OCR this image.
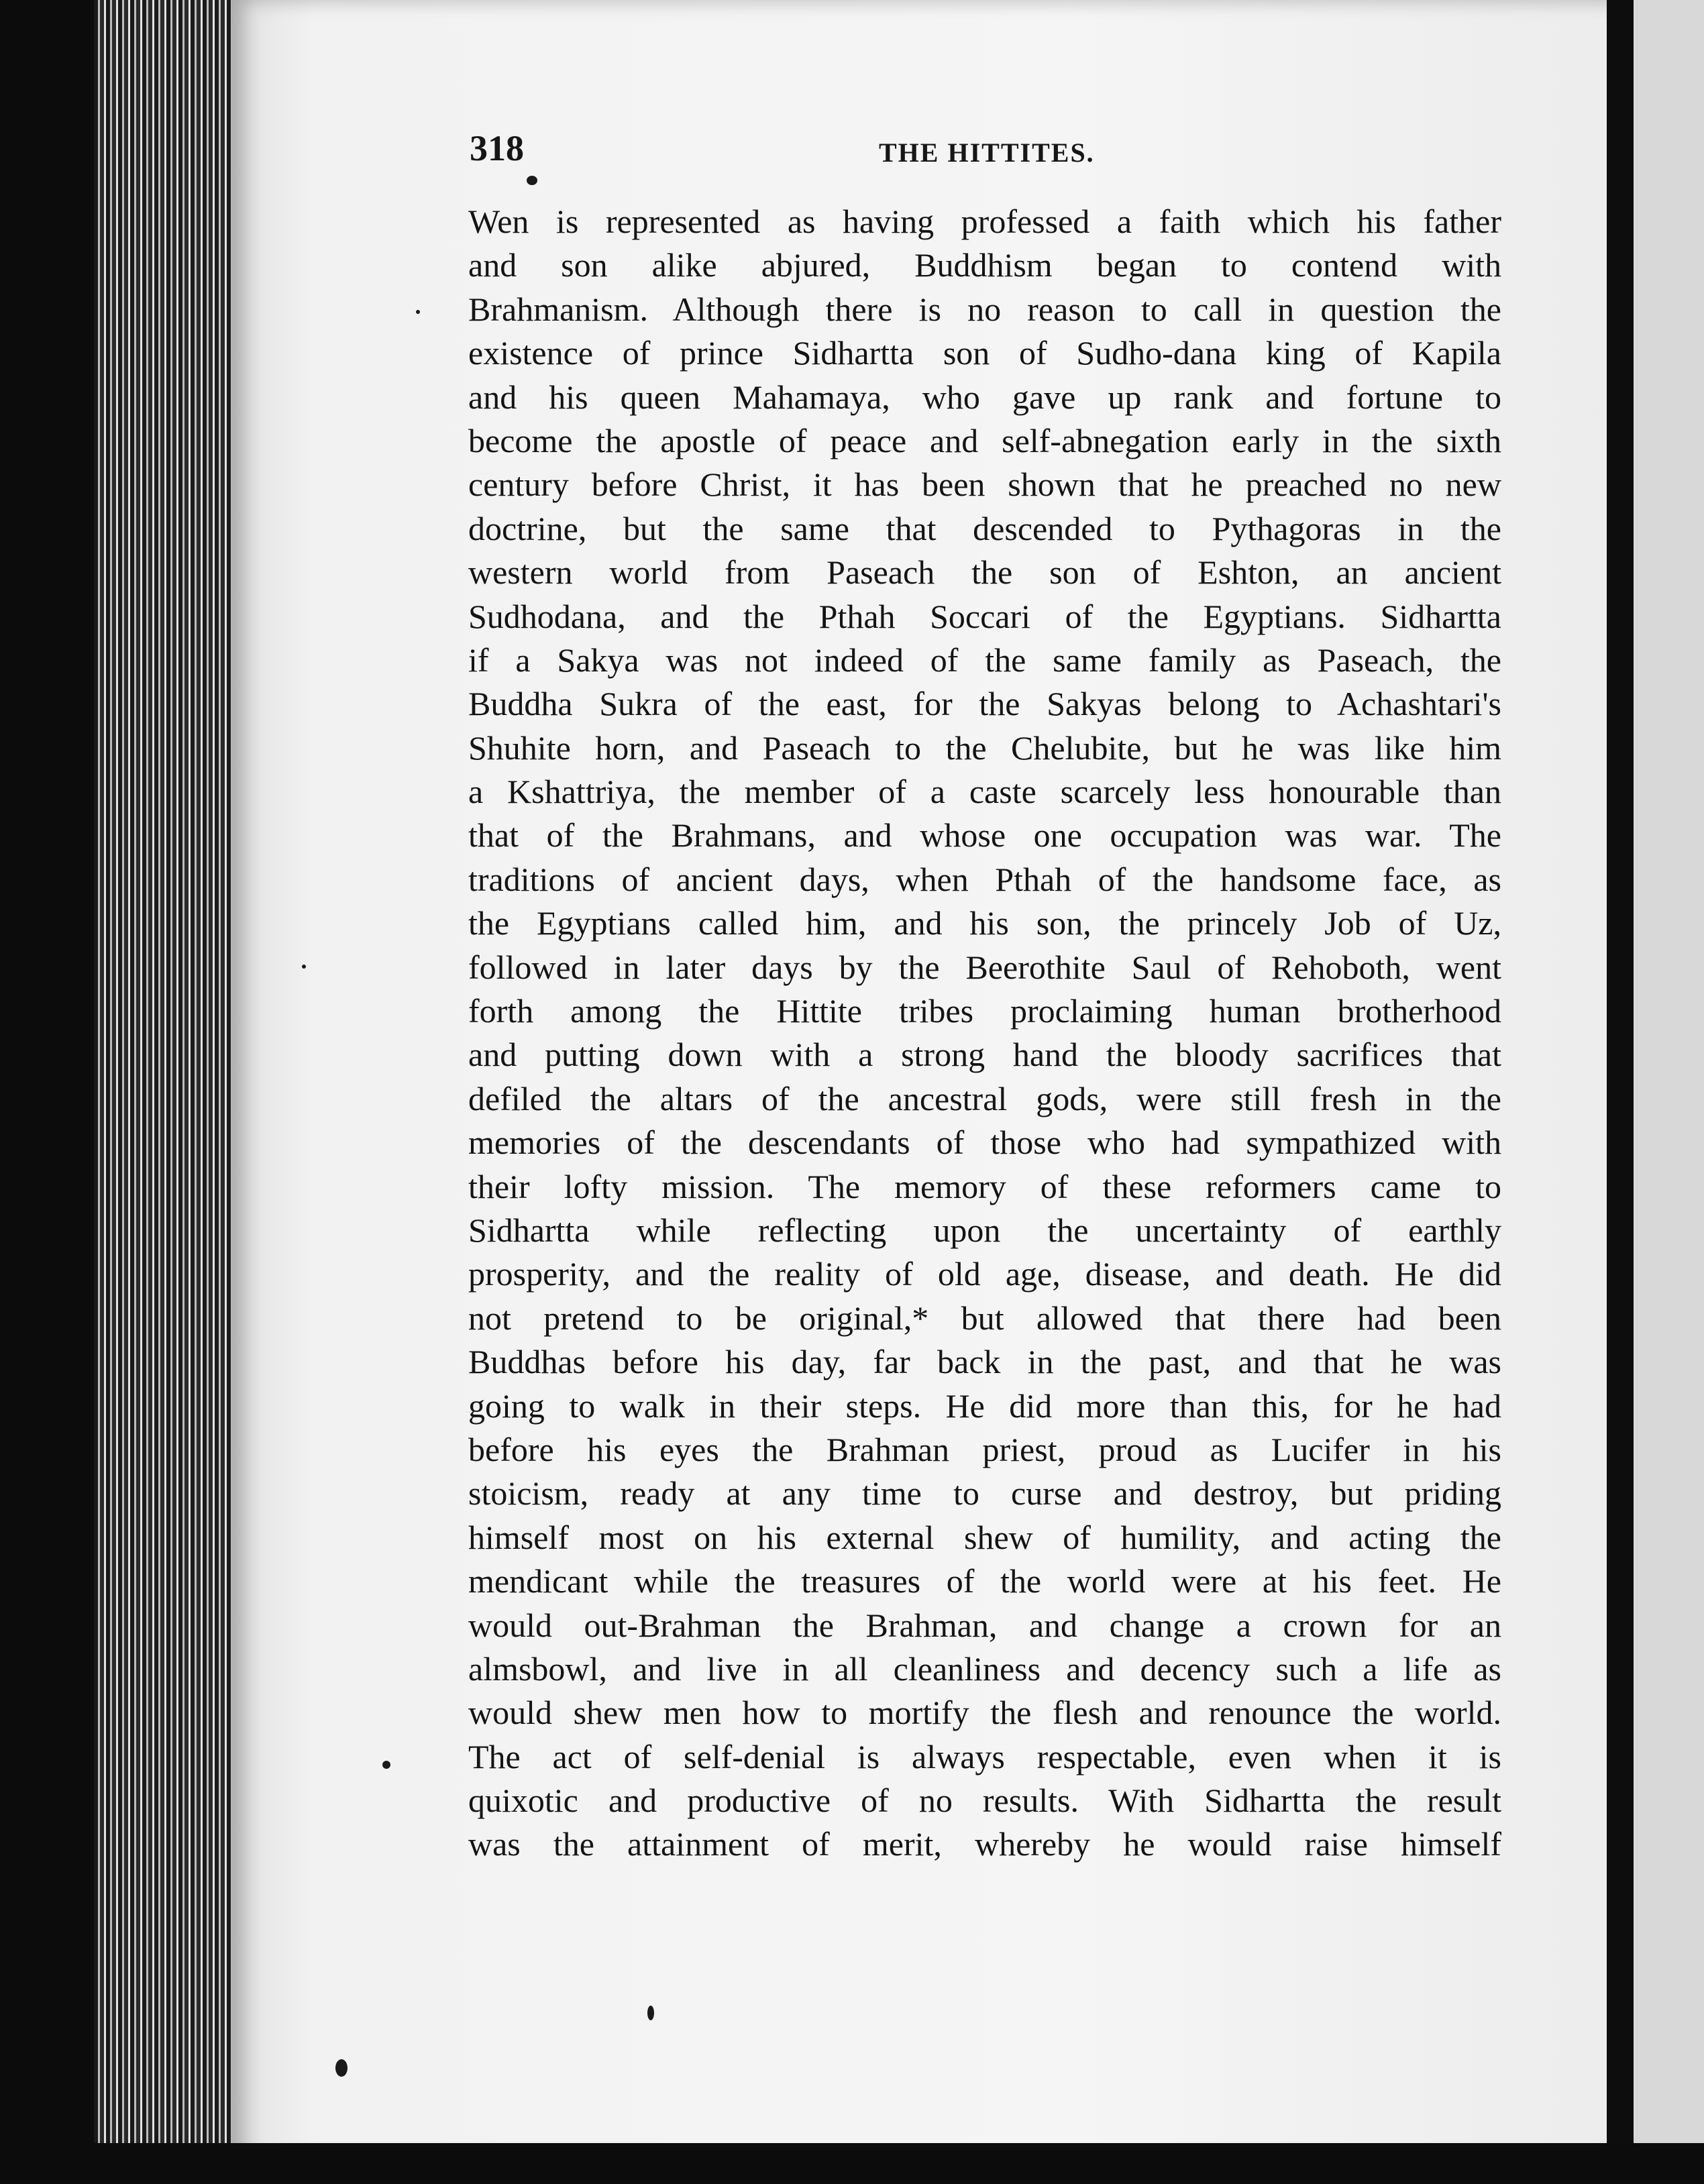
318	THE HITTITES.
Wen is represented as having professed a faith which his father
and son alike abjured, Buddhism began to contend with
Brahmanism. Although there is no reason to call in question the
existence of prince Sidhartta son of Sudho-dana king of Kapila
and his queen Mahamaya, who gave up rank and fortune to
become the apostle of peace and self-abnegation early in the sixth
century before Christ, it has been shown that he preached no new
doctrine, but the same that descended to Pythagoras in the
western world from Paseach the son of Eshton, an ancient
Sudhodana, and the Pthah Soccari of the Egyptians. Sidhartta
if a Sakya was not indeed of the same family as Paseach, the
Buddha Sukra of the east, for the Sakyas belong to Achashtari's
Shuhite horn, and Paseach to the Chelubite, but he was like him
a Kshattriya, the member of a caste scarcely less honourable than
that of the Brahmans, and whose one occupation was war. The
traditions of ancient days, when Pthah of the handsome face, as
the Egyptians called him, and his son, the princely Job of Uz,
followed in later days by the Beerothite Saul of Rehoboth, went
forth among the Hittite tribes proclaiming human brotherhood
and putting down with a strong hand the bloody sacrifices that
defiled the altars of the ancestral gods, were still fresh in the
memories of the descendants of those who had sympathized with
their lofty mission. The memory of these reformers came to
Sidhartta while reflecting upon the uncertainty of earthly
prosperity, and the reality of old age, disease, and death. He did
not pretend to be original,* but allowed that there had been
Buddhas before his day, far back in the past, and that he was
going to walk in their steps. He did more than this, for he had
before his eyes the Brahman priest, proud as Lucifer in his
stoicism, ready at any time to curse and destroy, but priding
himself most on his external shew of humility, and acting the
mendicant while the treasures of the world were at his feet. He
would out-Brahman the Brahman, and change a crown for an
almsbowl, and live in all cleanliness and decency such a life as
would shew men how to mortify the flesh and renounce the world.
The act of self-denial is always respectable, even when it is
quixotic and productive of no results. With Sidhartta the result
was the attainment of merit, whereby he would raise himself
